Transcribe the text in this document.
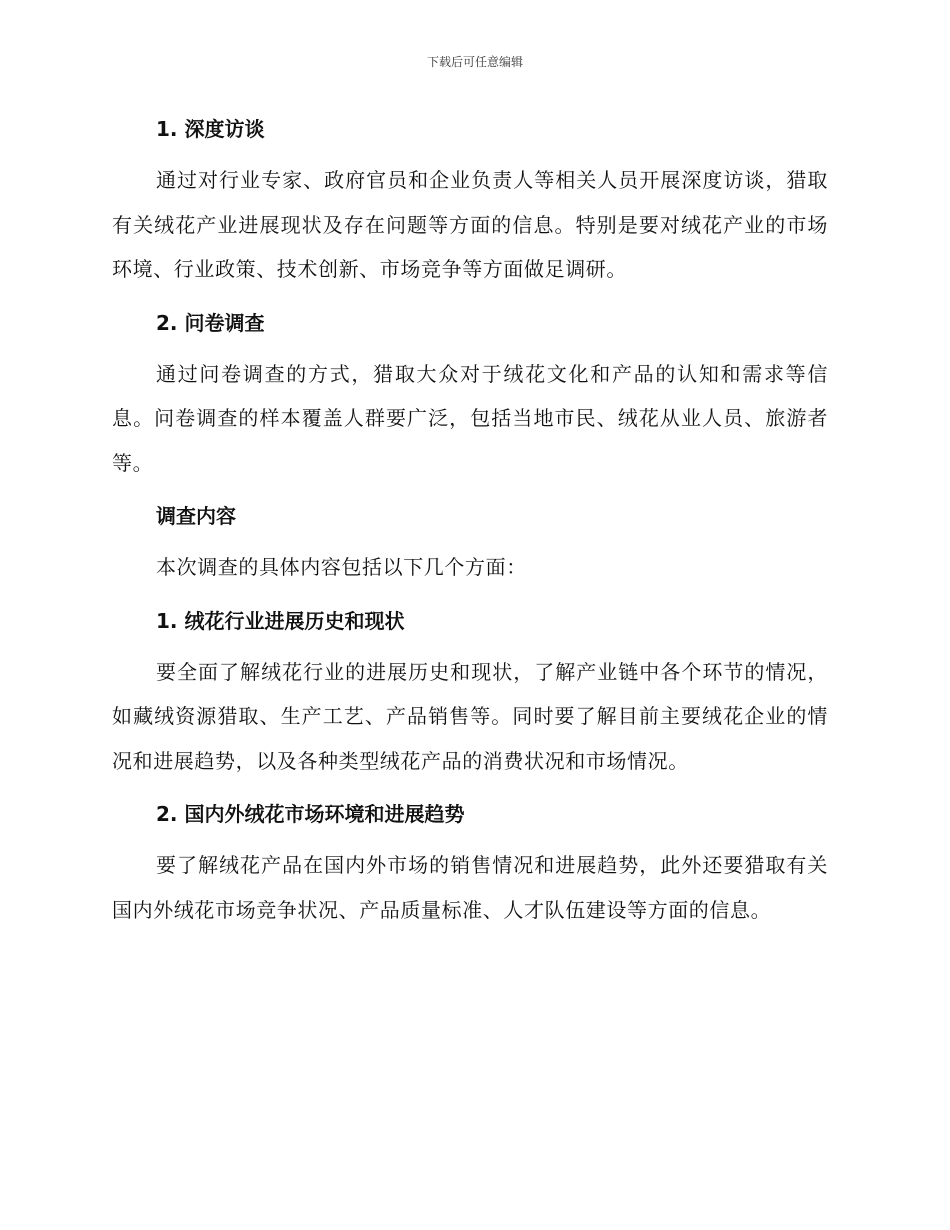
下载后可任意编辑
1. 深度访谈

通过对行业专家、政府官员和企业负责人等相关人员开展深度访谈，猎取有关绒花产业进展现状及存在问题等方面的信息。特别是要对绒花产业的市场环境、行业政策、技术创新、市场竞争等方面做足调研。

2. 问卷调查

通过问卷调查的方式，猎取大众对于绒花文化和产品的认知和需求等信息。问卷调查的样本覆盖人群要广泛，包括当地市民、绒花从业人员、旅游者等。

调查内容

本次调查的具体内容包括以下几个方面：

1. 绒花行业进展历史和现状

要全面了解绒花行业的进展历史和现状，了解产业链中各个环节的情况，如藏绒资源猎取、生产工艺、产品销售等。同时要了解目前主要绒花企业的情况和进展趋势，以及各种类型绒花产品的消费状况和市场情况。

2. 国内外绒花市场环境和进展趋势

要了解绒花产品在国内外市场的销售情况和进展趋势，此外还要猎取有关国内外绒花市场竞争状况、产品质量标准、人才队伍建设等方面的信息。
